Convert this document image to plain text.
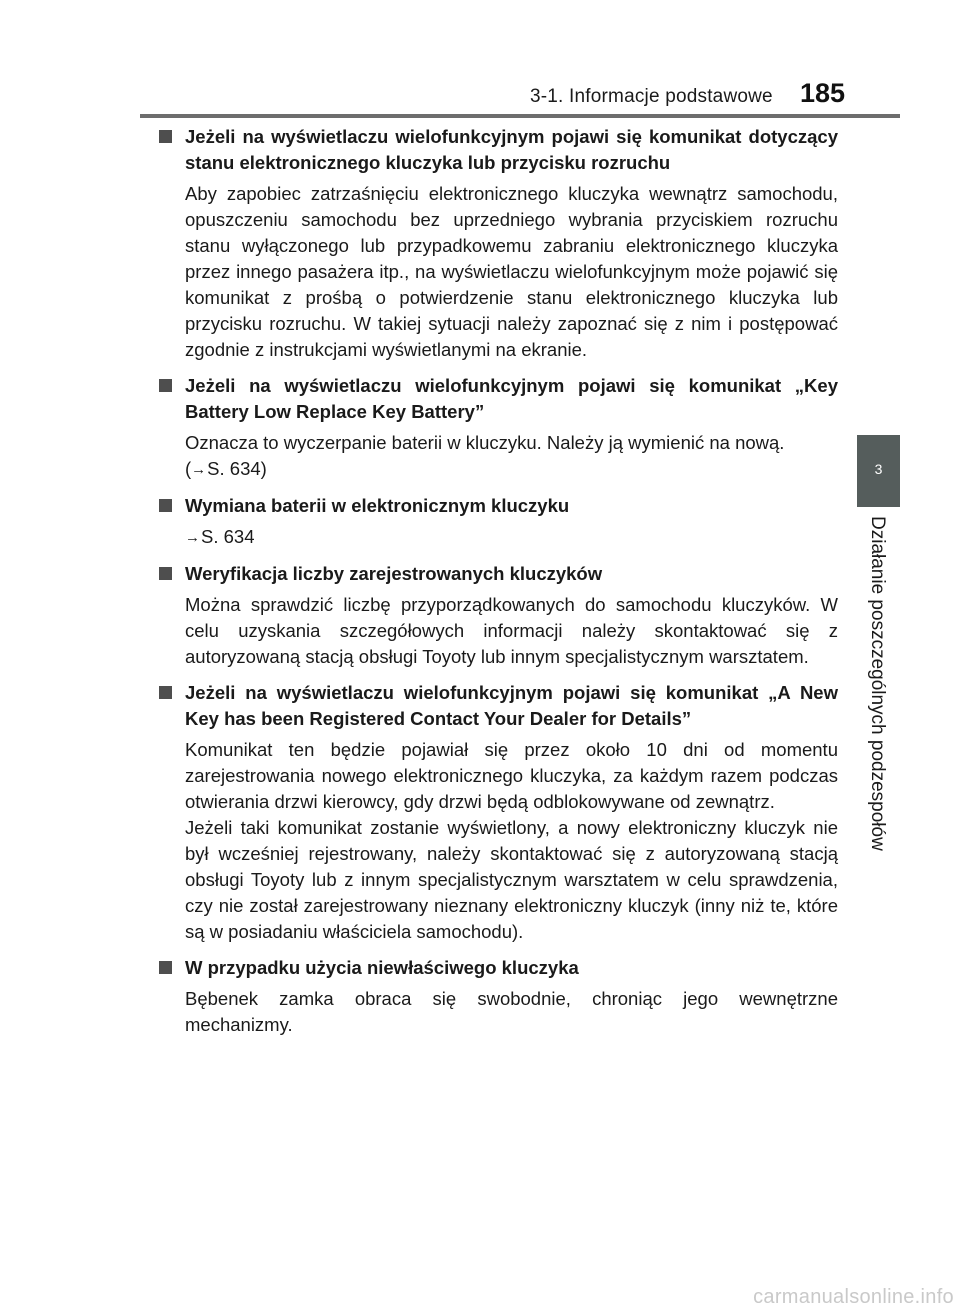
3-1. Informacje podstawowe 185
3
Działanie poszczególnych podzespołów
Jeżeli na wyświetlaczu wielofunkcyjnym pojawi się komunikat dotyczący stanu elektronicznego kluczyka lub przycisku rozruchu

Aby zapobiec zatrzaśnięciu elektronicznego kluczyka wewnątrz samochodu, opuszczeniu samochodu bez uprzedniego wybrania przyciskiem rozruchu stanu wyłączonego lub przypadkowemu zabraniu elektronicznego kluczyka przez innego pasażera itp., na wyświetlaczu wielofunkcyjnym może pojawić się komunikat z prośbą o potwierdzenie stanu elektronicznego kluczyka lub przycisku rozruchu. W takiej sytuacji należy zapoznać się z nim i postępować zgodnie z instrukcjami wyświetlanymi na ekranie.

Jeżeli na wyświetlaczu wielofunkcyjnym pojawi się komunikat „Key Battery Low Replace Key Battery”

Oznacza to wyczerpanie baterii w kluczyku. Należy ją wymienić na nową.

(→S. 634)

Wymiana baterii w elektronicznym kluczyku

→S. 634

Weryfikacja liczby zarejestrowanych kluczyków

Można sprawdzić liczbę przyporządkowanych do samochodu kluczyków. W celu uzyskania szczegółowych informacji należy skontaktować się z autoryzowaną stacją obsługi Toyoty lub innym specjalistycznym warsztatem.

Jeżeli na wyświetlaczu wielofunkcyjnym pojawi się komunikat „A New Key has been Registered Contact Your Dealer for Details”

Komunikat ten będzie pojawiał się przez około 10 dni od momentu zarejestrowania nowego elektronicznego kluczyka, za każdym razem podczas otwierania drzwi kierowcy, gdy drzwi będą odblokowywane od zewnątrz.

Jeżeli taki komunikat zostanie wyświetlony, a nowy elektroniczny kluczyk nie był wcześniej rejestrowany, należy skontaktować się z autoryzowaną stacją obsługi Toyoty lub z innym specjalistycznym warsztatem w celu sprawdzenia, czy nie został zarejestrowany nieznany elektroniczny kluczyk (inny niż te, które są w posiadaniu właściciela samochodu).

W przypadku użycia niewłaściwego kluczyka

Bębenek zamka obraca się swobodnie, chroniąc jego wewnętrzne mechanizmy.

carmanualsonline.info
